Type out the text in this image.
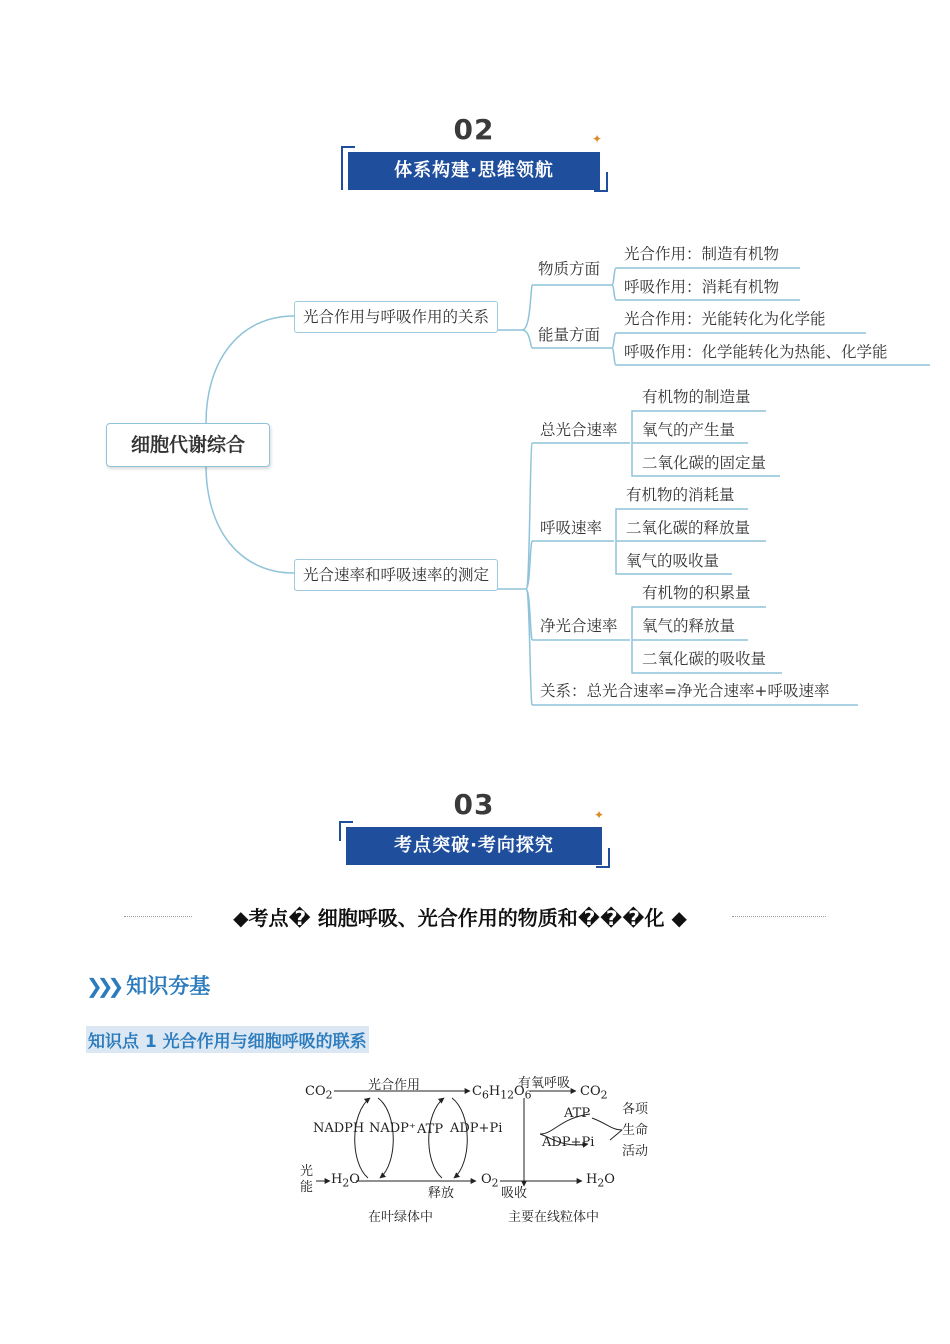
02
体系构建·思维领航
✦
细胞代谢综合
光合作用与呼吸作用的关系
物质方面
光合作用：制造有机物
呼吸作用：消耗有机物
能量方面
光合作用：光能转化为化学能
呼吸作用：化学能转化为热能、化学能
光合速率和呼吸速率的测定
总光合速率
有机物的制造量
氧气的产生量
二氧化碳的固定量
呼吸速率
有机物的消耗量
二氧化碳的释放量
氧气的吸收量
净光合速率
有机物的积累量
氧气的释放量
二氧化碳的吸收量
关系：总光合速率=净光合速率+呼吸速率
03
考点突破·考向探究
✦
◆考点� 细胞呼吸、光合作用的物质和���化 ◆
❯❯❯ 知识夯基
知识点 1 光合作用与细胞呼吸的联系
$CO_2$
光合作用	$C_6H_{12}O_6$
有氧呼吸
$CO_2$
NADPH NADP⁺ ATP ADP+Pi
ATP
ADP+Pi
各项
生命
活动
光
能
$H_2O$
释放
$O_2$
吸收
$H_2O$
在叶绿体中	主要在线粒体中
